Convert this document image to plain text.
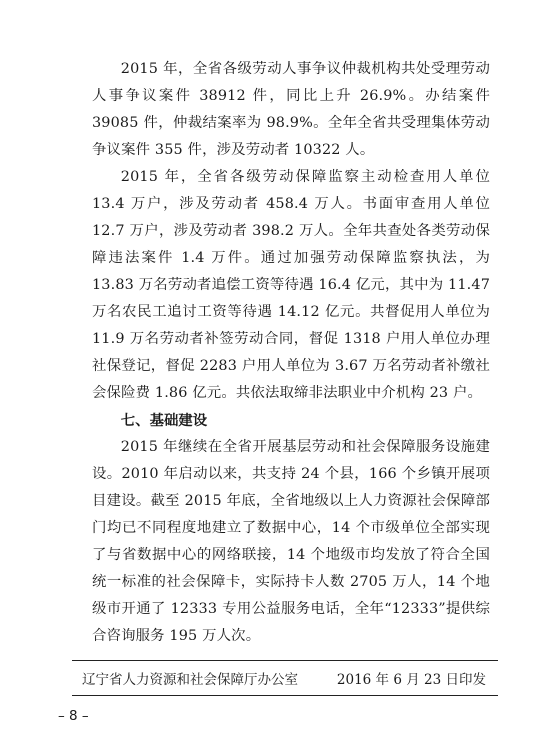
2015 年，全省各级劳动人事争议仲裁机构共处受理劳动人事争议案件 38912 件，同比上升 26.9%。办结案件 39085 件，仲裁结案率为 98.9%。全年全省共受理集体劳动争议案件 355 件，涉及劳动者 10322 人。

2015 年，全省各级劳动保障监察主动检查用人单位 13.4 万户，涉及劳动者 458.4 万人。书面审查用人单位 12.7 万户，涉及劳动者 398.2 万人。全年共查处各类劳动保障违法案件 1.4 万件。通过加强劳动保障监察执法，为 13.83 万名劳动者追偿工资等待遇 16.4 亿元，其中为 11.47 万名农民工追讨工资等待遇 14.12 亿元。共督促用人单位为 11.9 万名劳动者补签劳动合同，督促 1318 户用人单位办理社保登记，督促 2283 户用人单位为 3.67 万名劳动者补缴社会保险费 1.86 亿元。共依法取缔非法职业中介机构 23 户。

七、基础建设

2015 年继续在全省开展基层劳动和社会保障服务设施建设。2010 年启动以来，共支持 24 个县，166 个乡镇开展项目建设。截至 2015 年底，全省地级以上人力资源社会保障部门均已不同程度地建立了数据中心，14 个市级单位全部实现了与省数据中心的网络联接，14 个地级市均发放了符合全国统一标准的社会保障卡，实际持卡人数 2705 万人，14 个地级市开通了 12333 专用公益服务电话，全年“12333”提供综合咨询服务 195 万人次。

辽宁省人力资源和社会保障厅办公室	2016 年 6 月 23 日印发
– 8 –
